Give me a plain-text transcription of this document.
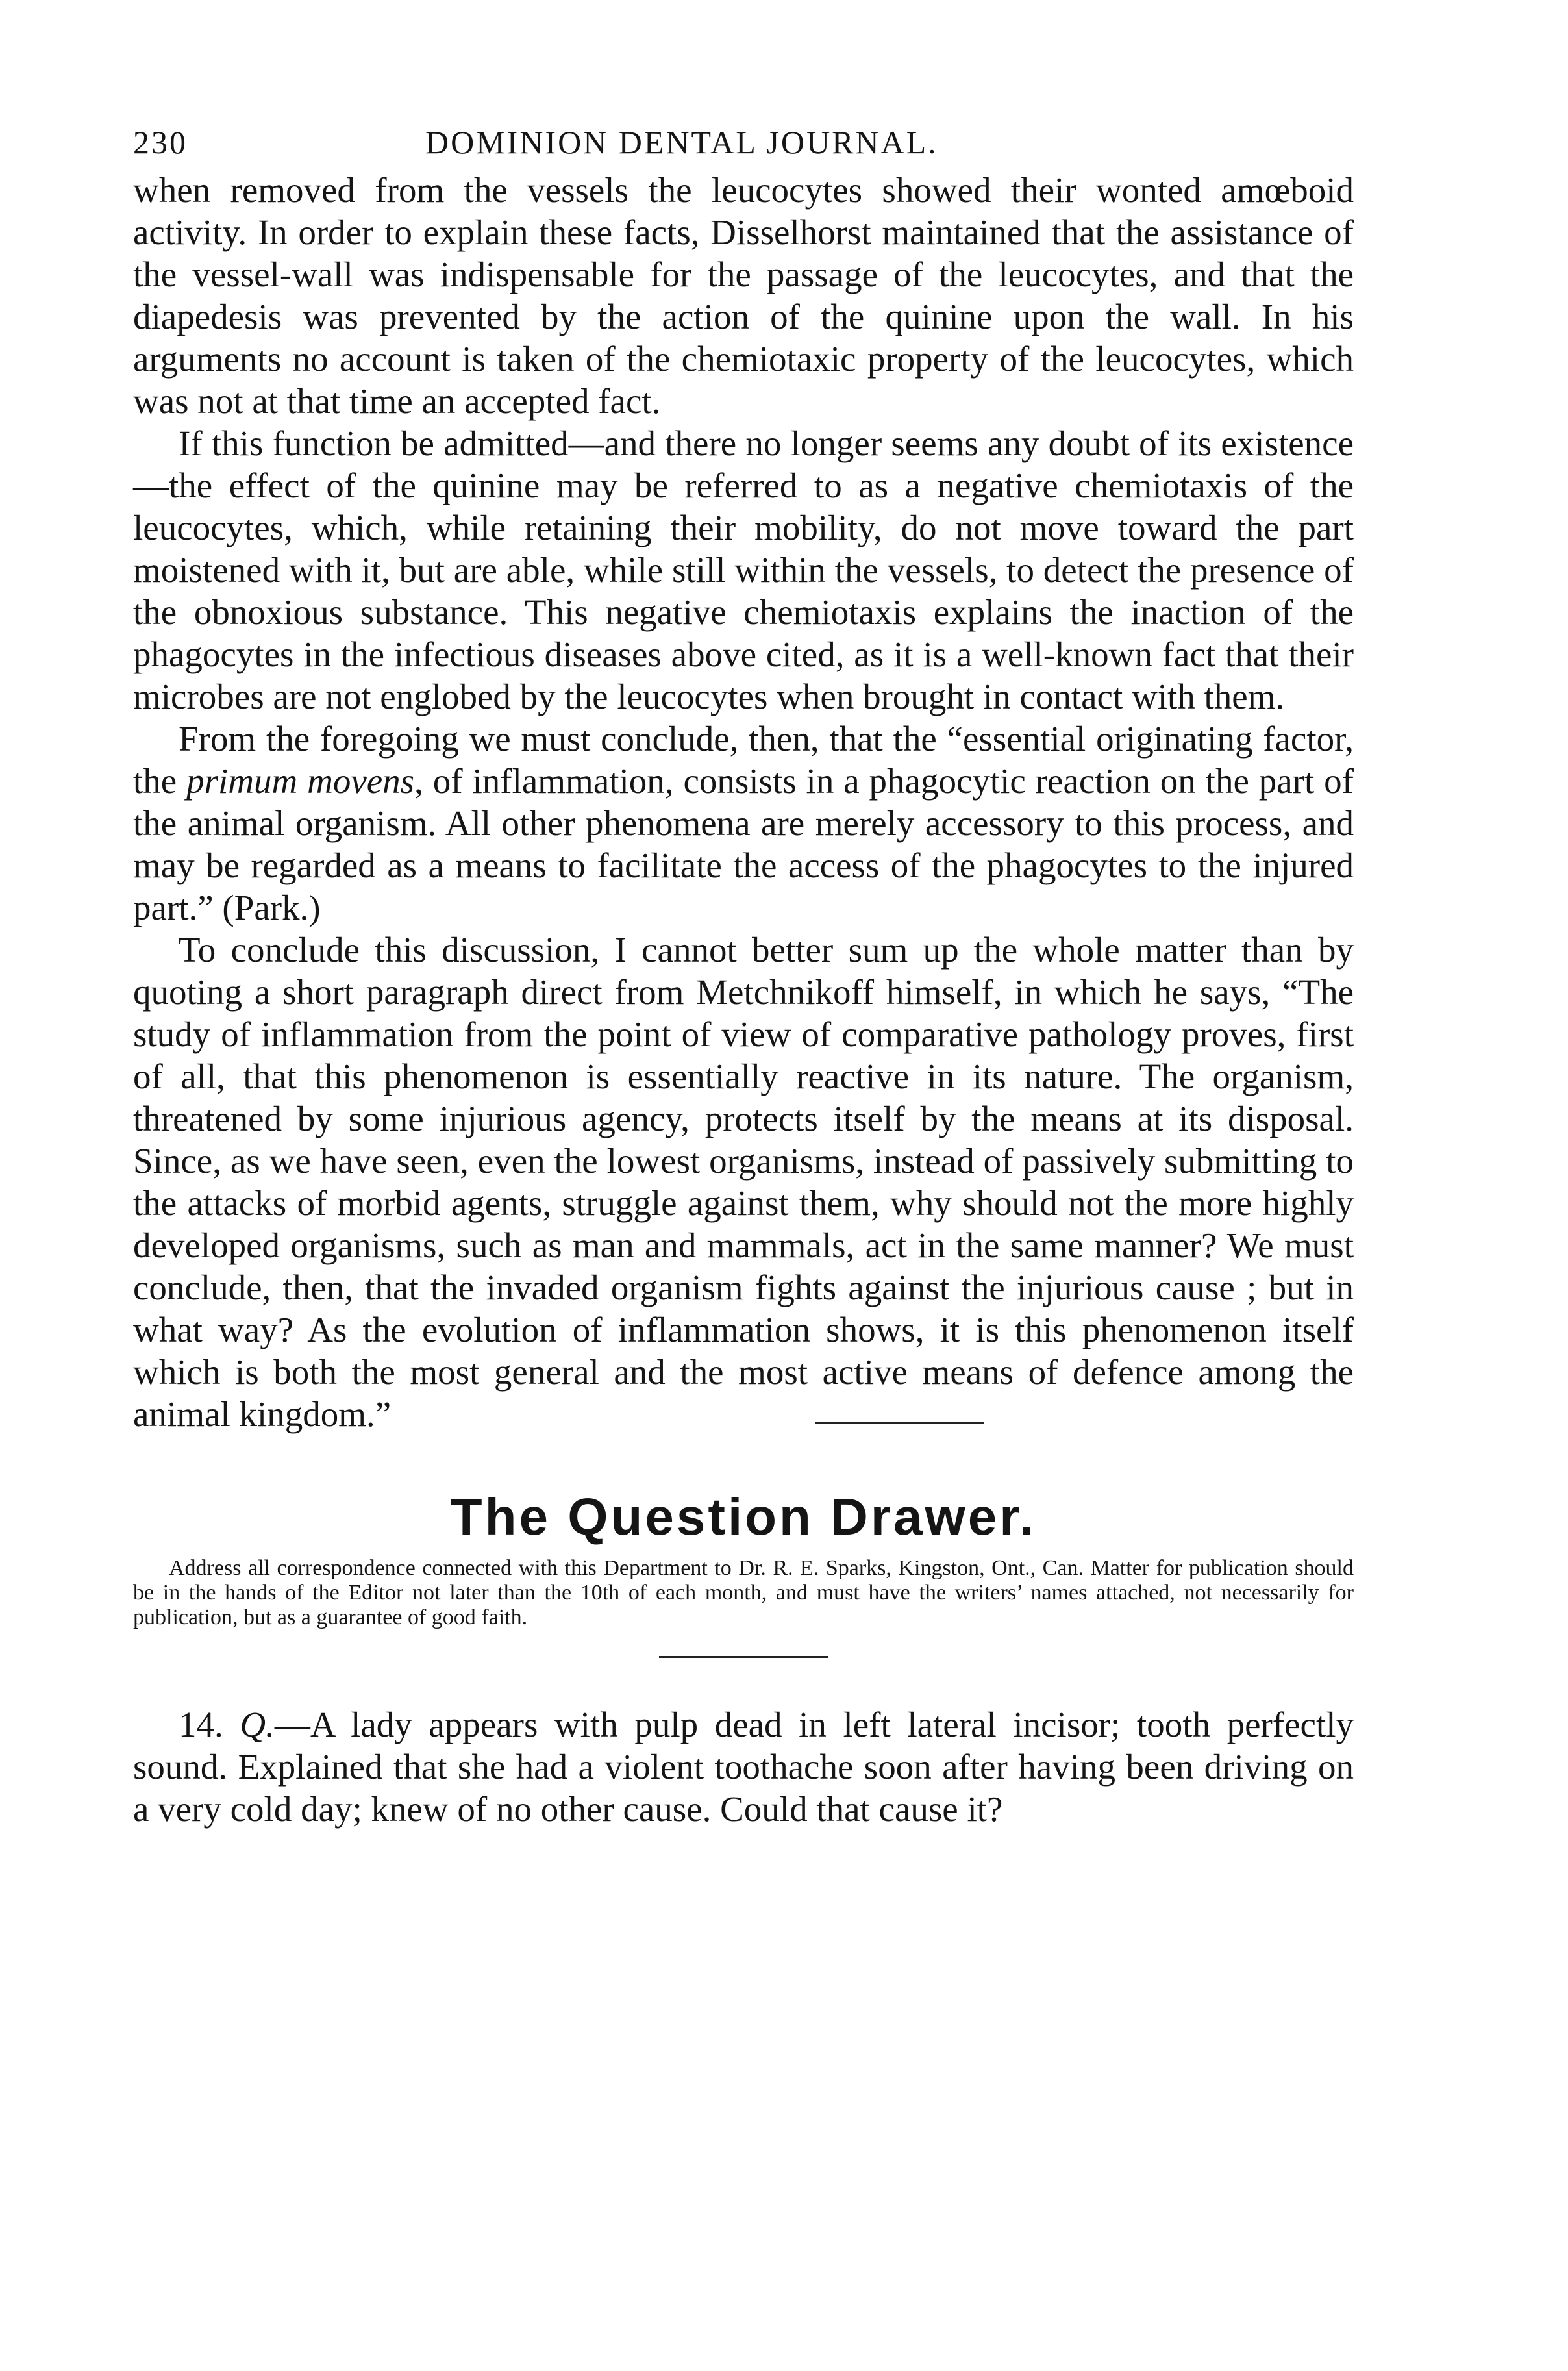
230	DOMINION DENTAL JOURNAL.

when removed from the vessels the leucocytes showed their wonted amœboid activity. In order to explain these facts, Disselhorst maintained that the assistance of the vessel-wall was indispensable for the passage of the leucocytes, and that the diapedesis was prevented by the action of the quinine upon the wall. In his arguments no account is taken of the chemiotaxic property of the leucocytes, which was not at that time an accepted fact.

If this function be admitted—and there no longer seems any doubt of its existence—the effect of the quinine may be referred to as a negative chemiotaxis of the leucocytes, which, while retaining their mobility, do not move toward the part moistened with it, but are able, while still within the vessels, to detect the presence of the obnoxious substance. This negative chemiotaxis explains the inaction of the phagocytes in the infectious diseases above cited, as it is a well-known fact that their microbes are not englobed by the leucocytes when brought in contact with them.

From the foregoing we must conclude, then, that the “essential originating factor, the primum movens, of inflammation, consists in a phagocytic reaction on the part of the animal organism. All other phenomena are merely accessory to this process, and may be regarded as a means to facilitate the access of the phagocytes to the injured part.” (Park.)

To conclude this discussion, I cannot better sum up the whole matter than by quoting a short paragraph direct from Metchnikoff himself, in which he says, “The study of inflammation from the point of view of comparative pathology proves, first of all, that this phenomenon is essentially reactive in its nature. The organism, threatened by some injurious agency, protects itself by the means at its disposal. Since, as we have seen, even the lowest organisms, instead of passively submitting to the attacks of morbid agents, struggle against them, why should not the more highly developed organisms, such as man and mammals, act in the same manner? We must conclude, then, that the invaded organism fights against the injurious cause ; but in what way? As the evolution of inflammation shows, it is this phenomenon itself which is both the most general and the most active means of defence among the animal kingdom.”

The Question Drawer.

Address all correspondence connected with this Department to Dr. R. E. Sparks, Kingston, Ont., Can. Matter for publication should be in the hands of the Editor not later than the 10th of each month, and must have the writers’ names attached, not necessarily for publication, but as a guarantee of good faith.

14. Q.—A lady appears with pulp dead in left lateral incisor; tooth perfectly sound. Explained that she had a violent toothache soon after having been driving on a very cold day; knew of no other cause. Could that cause it?
